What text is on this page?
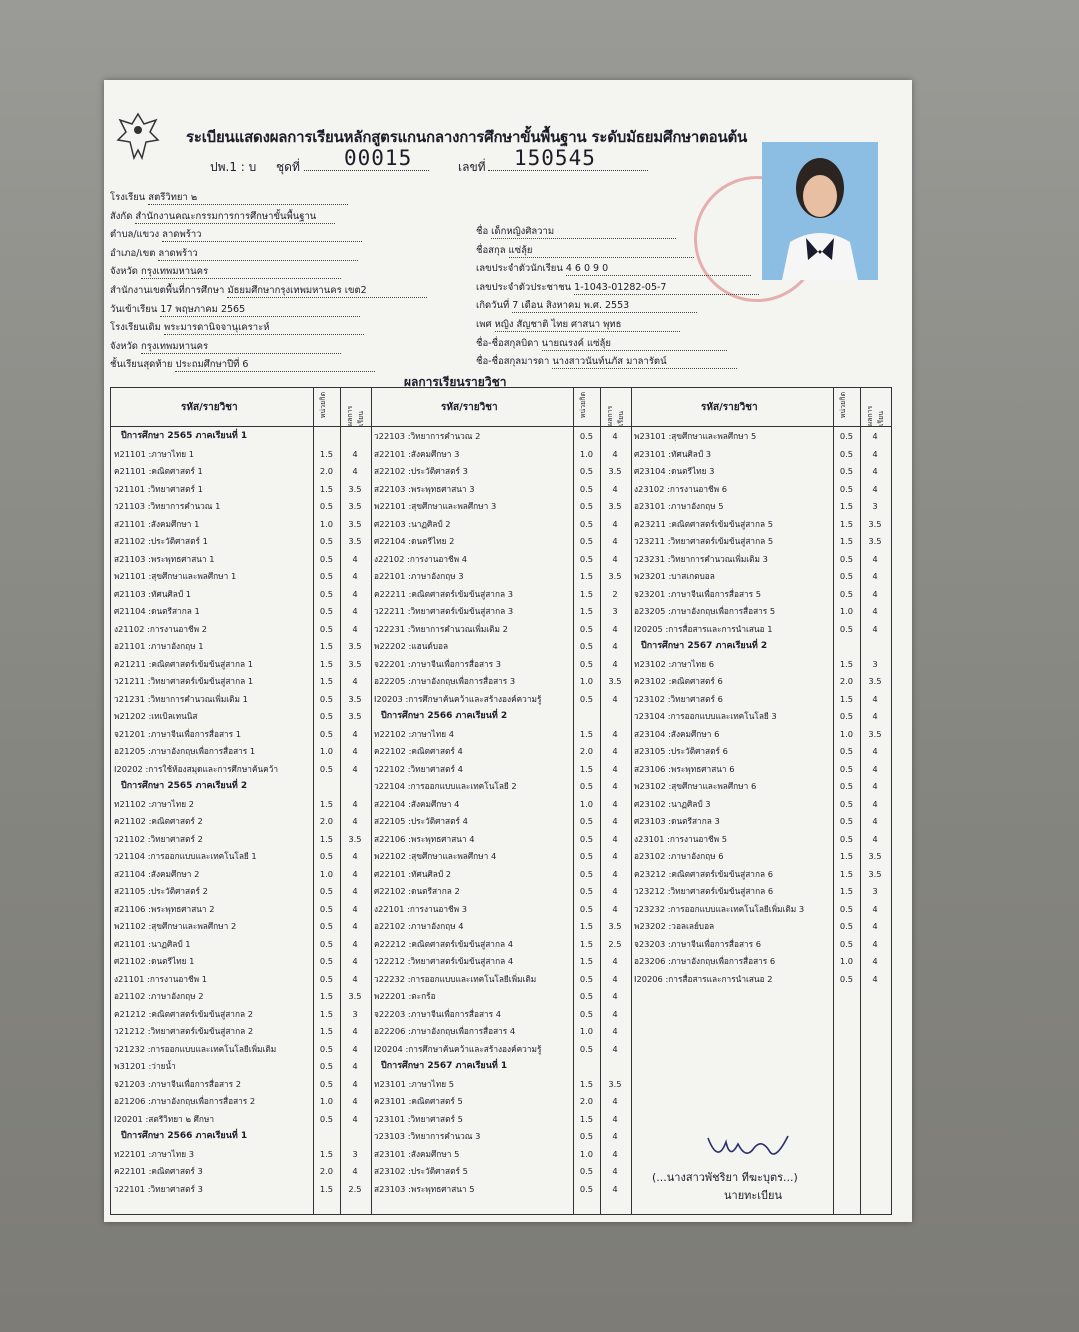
ระเบียนแสดงผลการเรียนหลักสูตรแกนกลางการศึกษาขั้นพื้นฐาน ระดับมัธยมศึกษาตอนต้น
ปพ.1 : บ ชุดที่	00015	เลขที่	150545
โรงเรียน สตรีวิทยา ๒
สังกัด สำนักงานคณะกรรมการการศึกษาขั้นพื้นฐาน
ตำบล/แขวง ลาดพร้าว
อำเภอ/เขต ลาดพร้าว
จังหวัด กรุงเทพมหานคร
สำนักงานเขตพื้นที่การศึกษา มัธยมศึกษากรุงเทพมหานคร เขต2
วันเข้าเรียน 17 พฤษภาคม 2565
โรงเรียนเดิม พระมารดานิจจานุเคราะห์
จังหวัด กรุงเทพมหานคร
ชั้นเรียนสุดท้าย ประถมศึกษาปีที่ 6
ชื่อ เด็กหญิงศิลวาม
ชื่อสกุล แซ่ลุ้ย
เลขประจำตัวนักเรียน 4 6 0 9 0
เลขประจำตัวประชาชน 1-1043-01282-05-7
เกิดวันที่ 7 เดือน สิงหาคม พ.ศ. 2553
เพศ หญิง สัญชาติ ไทย ศาสนา พุทธ
ชื่อ-ชื่อสกุลบิดา นายณรงค์ แซ่ลุ้ย
ชื่อ-ชื่อสกุลมารดา นางสาวนันท์นภัส มาลารัตน์
ผลการเรียนรายวิชา
รหัส/รายวิชา	หน่วยกิต	ผลการเรียน
ปีการศึกษา 2565 ภาคเรียนที่ 1
ท21101 :ภาษาไทย 1	1.5	4
ค21101 :คณิตศาสตร์ 1	2.0	4
ว21101 :วิทยาศาสตร์ 1	1.5	3.5
ว21103 :วิทยาการคำนวณ 1	0.5	3.5
ส21101 :สังคมศึกษา 1	1.0	3.5
ส21102 :ประวัติศาสตร์ 1	0.5	3.5
ส21103 :พระพุทธศาสนา 1	0.5	4
พ21101 :สุขศึกษาและพลศึกษา 1	0.5	4
ศ21103 :ทัศนศิลป์ 1	0.5	4
ศ21104 :ดนตรีสากล 1	0.5	4
ง21102 :การงานอาชีพ 2	0.5	4
อ21101 :ภาษาอังกฤษ 1	1.5	3.5
ค21211 :คณิตศาสตร์เข้มข้นสู่สากล 1	1.5	3.5
ว21211 :วิทยาศาสตร์เข้มข้นสู่สากล 1	1.5	4
ว21231 :วิทยาการคำนวณเพิ่มเติม 1	0.5	3.5
พ21202 :เทเบิลเทนนิส	0.5	3.5
จ21201 :ภาษาจีนเพื่อการสื่อสาร 1	0.5	4
อ21205 :ภาษาอังกฤษเพื่อการสื่อสาร 1	1.0	4
I20202 :การใช้ห้องสมุดและการศึกษาค้นคว้า	0.5	4
ปีการศึกษา 2565 ภาคเรียนที่ 2
ท21102 :ภาษาไทย 2	1.5	4
ค21102 :คณิตศาสตร์ 2	2.0	4
ว21102 :วิทยาศาสตร์ 2	1.5	3.5
ว21104 :การออกแบบและเทคโนโลยี 1	0.5	4
ส21104 :สังคมศึกษา 2	1.0	4
ส21105 :ประวัติศาสตร์ 2	0.5	4
ส21106 :พระพุทธศาสนา 2	0.5	4
พ21102 :สุขศึกษาและพลศึกษา 2	0.5	4
ศ21101 :นาฏศิลป์ 1	0.5	4
ศ21102 :ดนตรีไทย 1	0.5	4
ง21101 :การงานอาชีพ 1	0.5	4
อ21102 :ภาษาอังกฤษ 2	1.5	3.5
ค21212 :คณิตศาสตร์เข้มข้นสู่สากล 2	1.5	3
ว21212 :วิทยาศาสตร์เข้มข้นสู่สากล 2	1.5	4
ว21232 :การออกแบบและเทคโนโลยีเพิ่มเติม	0.5	4
พ31201 :ว่ายน้ำ	0.5	4
จ21203 :ภาษาจีนเพื่อการสื่อสาร 2	0.5	4
อ21206 :ภาษาอังกฤษเพื่อการสื่อสาร 2	1.0	4
I20201 :สตรีวิทยา ๒ ศึกษา	0.5	4
ปีการศึกษา 2566 ภาคเรียนที่ 1
ท22101 :ภาษาไทย 3	1.5	3
ค22101 :คณิตศาสตร์ 3	2.0	4
ว22101 :วิทยาศาสตร์ 3	1.5	2.5
รหัส/รายวิชา	หน่วยกิต	ผลการเรียน
ว22103 :วิทยาการคำนวณ 2	0.5	4
ส22101 :สังคมศึกษา 3	1.0	4
ส22102 :ประวัติศาสตร์ 3	0.5	3.5
ส22103 :พระพุทธศาสนา 3	0.5	4
พ22101 :สุขศึกษาและพลศึกษา 3	0.5	3.5
ศ22103 :นาฏศิลป์ 2	0.5	4
ศ22104 :ดนตรีไทย 2	0.5	4
ง22102 :การงานอาชีพ 4	0.5	4
อ22101 :ภาษาอังกฤษ 3	1.5	3.5
ค22211 :คณิตศาสตร์เข้มข้นสู่สากล 3	1.5	2
ว22211 :วิทยาศาสตร์เข้มข้นสู่สากล 3	1.5	3
ว22231 :วิทยาการคำนวณเพิ่มเติม 2	0.5	4
พ22202 :แฮนด์บอล	0.5	4
จ22201 :ภาษาจีนเพื่อการสื่อสาร 3	0.5	4
อ22205 :ภาษาอังกฤษเพื่อการสื่อสาร 3	1.0	3.5
I20203 :การศึกษาค้นคว้าและสร้างองค์ความรู้	0.5	4
ปีการศึกษา 2566 ภาคเรียนที่ 2
ท22102 :ภาษาไทย 4	1.5	4
ค22102 :คณิตศาสตร์ 4	2.0	4
ว22102 :วิทยาศาสตร์ 4	1.5	4
ว22104 :การออกแบบและเทคโนโลยี 2	0.5	4
ส22104 :สังคมศึกษา 4	1.0	4
ส22105 :ประวัติศาสตร์ 4	0.5	4
ส22106 :พระพุทธศาสนา 4	0.5	4
พ22102 :สุขศึกษาและพลศึกษา 4	0.5	4
ศ22101 :ทัศนศิลป์ 2	0.5	4
ศ22102 :ดนตรีสากล 2	0.5	4
ง22101 :การงานอาชีพ 3	0.5	4
อ22102 :ภาษาอังกฤษ 4	1.5	3.5
ค22212 :คณิตศาสตร์เข้มข้นสู่สากล 4	1.5	2.5
ว22212 :วิทยาศาสตร์เข้มข้นสู่สากล 4	1.5	4
ว22232 :การออกแบบและเทคโนโลยีเพิ่มเติม	0.5	4
พ22201 :ตะกร้อ	0.5	4
จ22203 :ภาษาจีนเพื่อการสื่อสาร 4	0.5	4
อ22206 :ภาษาอังกฤษเพื่อการสื่อสาร 4	1.0	4
I20204 :การศึกษาค้นคว้าและสร้างองค์ความรู้	0.5	4
ปีการศึกษา 2567 ภาคเรียนที่ 1
ท23101 :ภาษาไทย 5	1.5	3.5
ค23101 :คณิตศาสตร์ 5	2.0	4
ว23101 :วิทยาศาสตร์ 5	1.5	4
ว23103 :วิทยาการคำนวณ 3	0.5	4
ส23101 :สังคมศึกษา 5	1.0	4
ส23102 :ประวัติศาสตร์ 5	0.5	4
ส23103 :พระพุทธศาสนา 5	0.5	4
รหัส/รายวิชา	หน่วยกิต	ผลการเรียน
พ23101 :สุขศึกษาและพลศึกษา 5	0.5	4
ศ23101 :ทัศนศิลป์ 3	0.5	4
ศ23104 :ดนตรีไทย 3	0.5	4
ง23102 :การงานอาชีพ 6	0.5	4
อ23101 :ภาษาอังกฤษ 5	1.5	3
ค23211 :คณิตศาสตร์เข้มข้นสู่สากล 5	1.5	3.5
ว23211 :วิทยาศาสตร์เข้มข้นสู่สากล 5	1.5	3.5
ว23231 :วิทยาการคำนวณเพิ่มเติม 3	0.5	4
พ23201 :บาสเกตบอล	0.5	4
จ23201 :ภาษาจีนเพื่อการสื่อสาร 5	0.5	4
อ23205 :ภาษาอังกฤษเพื่อการสื่อสาร 5	1.0	4
I20205 :การสื่อสารและการนำเสนอ 1	0.5	4
ปีการศึกษา 2567 ภาคเรียนที่ 2
ท23102 :ภาษาไทย 6	1.5	3
ค23102 :คณิตศาสตร์ 6	2.0	3.5
ว23102 :วิทยาศาสตร์ 6	1.5	4
ว23104 :การออกแบบและเทคโนโลยี 3	0.5	4
ส23104 :สังคมศึกษา 6	1.0	3.5
ส23105 :ประวัติศาสตร์ 6	0.5	4
ส23106 :พระพุทธศาสนา 6	0.5	4
พ23102 :สุขศึกษาและพลศึกษา 6	0.5	4
ศ23102 :นาฏศิลป์ 3	0.5	4
ศ23103 :ดนตรีสากล 3	0.5	4
ง23101 :การงานอาชีพ 5	0.5	4
อ23102 :ภาษาอังกฤษ 6	1.5	3.5
ค23212 :คณิตศาสตร์เข้มข้นสู่สากล 6	1.5	3.5
ว23212 :วิทยาศาสตร์เข้มข้นสู่สากล 6	1.5	3
ว23232 :การออกแบบและเทคโนโลยีเพิ่มเติม 3	0.5	4
พ23202 :วอลเลย์บอล	0.5	4
จ23203 :ภาษาจีนเพื่อการสื่อสาร 6	0.5	4
อ23206 :ภาษาอังกฤษเพื่อการสื่อสาร 6	1.0	4
I20206 :การสื่อสารและการนำเสนอ 2	0.5	4
(...นางสาวพัชริยา ทีฆะบุตร...)
นายทะเบียน
